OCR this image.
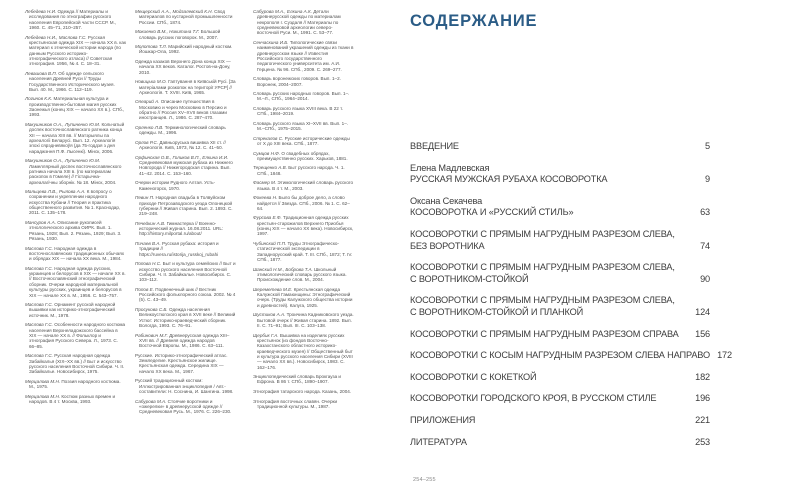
Лебедева Н.И. Одежда // Материалы и исследования по этнографии русского населения Европейской части СССР. М., 1960. С. 45–71, 210–257.

Лебедева Н.И., Маслова Г.С. Русская крестьянская одежда XIX — начала XX в. как материал к этнической истории народа (по данным Русского историко-этнографического атласа) // Советская этнография. 1956, № 4. С. 18–31.

Левашова В.П. Об одежде сельского населения Древней Руси // Труды Государственного Исторического музея. Вып. 40. М., 1966. С. 112–119.

Логинов К.К. Материальная культура и производственно-бытовая магия русских Заонежья (конец XIX — начало XX в.). СПб., 1993.

Макушников О.А., Лупиненко Ю.М. Кольчатый доспех восточнославянского ратника конца XII — начала XIII вв. // Матэрыялы па археалогіі Беларусі. Вып. 12. Археалогія эпохі сярэдневякоўя (да 75-годдзя з дня нараджэння П.Ф. Лысенкі). Мінск, 2006.

Макушников О.А., Лупиненко Ю.М. Ламеллярный доспех восточнославянского ратника начала XIII в. (по материалам раскопок в Гомеле) // Гістарычна-археалагічны зборнік. № 18. Мінск, 2004.

Мальцева Л.В., Рылова А.А. К вопросу о сохранении и укреплении народного искусства Кубани // Теория и практика общественного развития. № 1. Краснодар, 2011. С. 135–178.

Мансуров А.А. Описание рукописей этнологического архива ОИРК. Вып. 1. Рязань, 1928; Вып. 2. Рязань, 1929; Вып. 3. Рязань, 1930.

Маслова Г.С. Народная одежда в восточнославянских традиционных обычаях и обрядах XIX — начала XX века. М., 1984.

Маслова Г.С. Народная одежда русских, украинцев и белорусов в XIX — начале XX в. // Восточнославянский этнографический сборник. Очерки народной материальной культуры русских, украинцев и белорусов в XIX — начале XX в. М., 1956. С. 543–757.

Маслова Г.С. Орнамент русской народной вышивки как историко-этнографический источник. М., 1978.

Маслова Г.С. Особенности народного костюма населения Верхнеладожского бассейна в XIX — начале XX в. // Фольклор и этнография Русского Севера. Л., 1973. С. 66–85.

Маслова Г.С. Русская народная одежда Забайкалья (XIX–XX вв.) // Быт и искусство русского населения Восточной Сибири. Ч. II. Забайкалье. Новосибирск, 1975.

Мерцалова М.Н. Поэзия народного костюма. М., 1975.

Мерцалова М.Н. Костюм разных времен и народов. В 4 т. Москва, 1993.

Мещерский А.А., Модзалевский К.Н. Свод материалов по кустарной промышленности России. СПб., 1874.

Мокиенко В.М., Никитина Т.Г. Большой словарь русских поговорок. М., 2007.

Молотова Т.Л. Марийский народный костюм. Йошкар-Ола, 1992.

Одежда казаков Верхнего Дона конца XIX — начала XX веков. Каталог. Ростов-на-Дону, 2010.

Новицька М.О. Гаптування в Київській Русі. [За матеріалами розкопок на території УРСР] // Археологія. Т. XVIII. Київ, 1965.

Олеарий А. Описание путешествия в Московию и через Московию в Персию и обратно // Россия XV–XVII веков глазами иностранцев. Л., 1986. С. 287–470.

Орленко Л.В. Терминологический словарь одежды. М., 1996.

Орлов Р.С. Давньоруська вишивка XII ст. // Археологія. Київ, 1973, № 12. С. 41–50.

Орфинская О.В., Голиков В.П., Елкина И.И. Средневековая мужская рубаха из Нижнего Новгорода // Нижегородская старина. Вып. 41–42. 2014. С. 153–160.

Очерки истории Рудного Алтая. Усть-Каменогорск, 1970.

Певин П. Народная свадьба в Толвуйском приходе Петрозаводского уезда Олонецкой губернии // Живая старина. Вып. 2. 1893. С. 219–248.

Печейкин А.В. Гимнастерка // Военно-исторический журнал. 16.08.2011. URL: http://history.milportal.ru/about/

Пичаев В.А. Русская рубаха: история и традиции // https://ruvera.ru/istorija_russkoj_rubahi

Попова Н.С. Быт и культура семейских // Быт и искусство русского населения Восточной Сибири. Ч. II. Забайкалье. Новосибирск. С. 103–112.

Попов Е. Подвенечный шик // Вестник Российского фольклорного союза. 2002. № 4 (5). С. 43–49.

Просукова С.Б. Одежда населения Великоустюгского края в XVII веке // Великий Устюг: Историко-краеведческий сборник. Вологда, 1993. С. 76–91.

Рабинович М.Г. Древнерусская одежда XIII–XVII вв. // Древняя одежда народов Восточной Европы. М., 1986. С. 63–111.

Русские. Историко-этнографический атлас. Земледелие. Крестьянское жилище. Крестьянская одежда. Середина XIX — начало XX века. М., 1967.

Русский традиционный костюм: Иллюстрированная энциклопедия / Авт.-составители: Н. Соснина, И. Шангина. 1998.

Сабурова М.А. Стоячие воротники и «ожерелки» в древнерусской одежде // Средневековая Русь. М., 1976. С. 226–230.

Сабурова М.А., Елкина А.К. Детали древнерусской одежды по материалам некрополя г. Суздаля // Материалы по средневековой археологии северо-восточной Руси. М., 1991. С. 53–77.

Сенчаскина И.Б. Типологические связи наименований украшений одежды из ткани в древнерусском языке // Известия Российского государственного педагогического университета им. А.И. Герцена. № 96. СПб., 2009. С. 269–277.

Словарь воронежских говоров. Вып. 1–2. Воронеж, 2004–2007.

Словарь русских народных говоров. Вып. 1–. М.–Л., СПб., 1964–2014.

Словарь русского языка XVIII века. В 22 т. СПб., 1984–2019.

Словарь русского языка XI–XVII вв. Вып. 1–. М.–СПб., 1975–2015.

Стрекалов С. Русские исторические одежды от X до XIII века. СПб., 1877.

Сумцов Н.Ф. О свадебных обрядах, преимущественно русских. Харьков, 1881.

Терещенко А.В. Быт русского народа. Ч. 1. СПб., 1848.

Фасмер М. Этимологический словарь русского языка. В 4 т. М., 2003.

Фокеева Н. Было бы доброе дело, а слово найдется // Звезда. СПб., 2006. № 1. С. 62–64.

Фурсова Е.Ф. Традиционная одежда русских крестьян-старожилов Верхнего Приобья (конец XIX — начало XX века). Новосибирск, 1997.

Чубинский П.П. Труды Этнографическо-статистической экспедиции в Западнорусский край. Т. III. СПб., 1872; Т. IV. СПб., 1877.

Шанский Н.М., Боброва Т.А. Школьный этимологический словарь русского языка. Происхождение слов. М., 2004.

Шереметева М.Е. Крестьянская одежда Калужской Гамаюнщины: Этнографический очерк. (Труды Калужского общества истории и древностей). Калуга, 1925.

Шустиков А.А. Троичина Кадниковского уезда. Бытовой очерк // Живая старина. 1892. Вып. II. С. 71–91; Вып. III. С. 103–138.

Щербик Г.А. Вышивка на изделиях русских крестьянок (из фондов Восточно-Казахстанского областного историко-краеведческого музея) // Общественный быт и культура русского населения Сибири (XVIII — начало XX вв.). Новосибирск, 1983. С. 162–176.

Энциклопедический словарь Брокгауза и Ефрона. В 86 т. СПб., 1890–1907.

Этнография татарского народа. Казань, 2004.

Этнография восточных славян. Очерки традиционной культуры. М., 1987.

СОДЕРЖАНИЕ
ВВЕДЕНИЕ	5
Елена Мадлевская
РУССКАЯ МУЖСКАЯ РУБАХА КОСОВОРОТКА	9
Оксана Секачева
КОСОВОРОТКА И «РУССКИЙ СТИЛЬ»	63
КОСОВОРОТКИ С ПРЯМЫМ НАГРУДНЫМ РАЗРЕЗОМ СЛЕВА,
БЕЗ ВОРОТНИКА	74
КОСОВОРОТКИ С ПРЯМЫМ НАГРУДНЫМ РАЗРЕЗОМ СЛЕВА,
С ВОРОТНИКОМ-СТОЙКОЙ	90
КОСОВОРОТКИ С ПРЯМЫМ НАГРУДНЫМ РАЗРЕЗОМ СЛЕВА,
С ВОРОТНИКОМ-СТОЙКОЙ И ПЛАНКОЙ	124
КОСОВОРОТКИ С ПРЯМЫМ НАГРУДНЫМ РАЗРЕЗОМ СПРАВА	156
КОСОВОРОТКИ С КОСЫМ НАГРУДНЫМ РАЗРЕЗОМ СЛЕВА НАПРАВО 172
КОСОВОРОТКИ С КОКЕТКОЙ	182
КОСОВОРОТКИ ГОРОДСКОГО КРОЯ, В РУССКОМ СТИЛЕ	196
ПРИЛОЖЕНИЯ	221
ЛИТЕРАТУРА	253
254–255
